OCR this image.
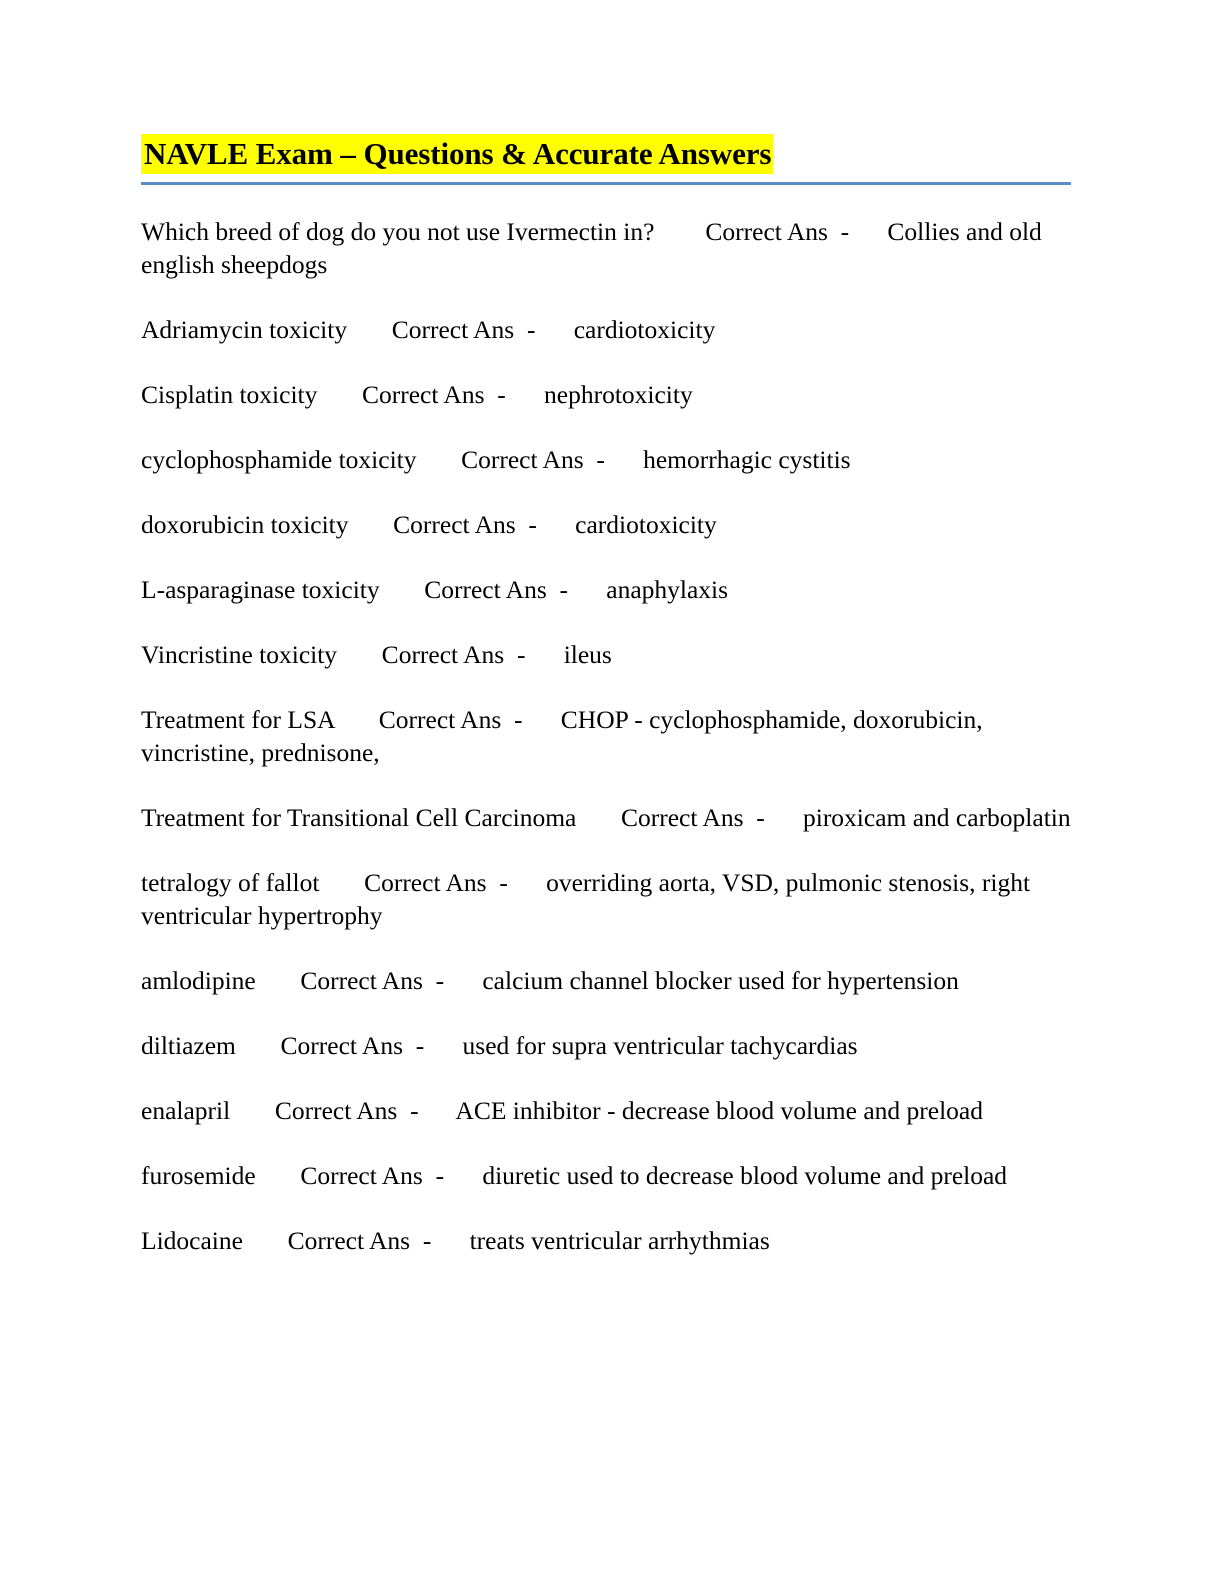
NAVLE Exam – Questions & Accurate Answers

Which breed of dog do you not use Ivermectin in?        Correct Ans  -      Collies and old english sheepdogs

Adriamycin toxicity       Correct Ans  -      cardiotoxicity

Cisplatin toxicity       Correct Ans  -      nephrotoxicity

cyclophosphamide toxicity       Correct Ans  -      hemorrhagic cystitis

doxorubicin toxicity       Correct Ans  -      cardiotoxicity

L-asparaginase toxicity       Correct Ans  -      anaphylaxis

Vincristine toxicity       Correct Ans  -      ileus

Treatment for LSA       Correct Ans  -      CHOP - cyclophosphamide, doxorubicin, vincristine, prednisone,

Treatment for Transitional Cell Carcinoma       Correct Ans  -      piroxicam and carboplatin

tetralogy of fallot       Correct Ans  -      overriding aorta, VSD, pulmonic stenosis, right ventricular hypertrophy

amlodipine       Correct Ans  -      calcium channel blocker used for hypertension

diltiazem       Correct Ans  -      used for supra ventricular tachycardias

enalapril       Correct Ans  -      ACE inhibitor - decrease blood volume and preload

furosemide       Correct Ans  -      diuretic used to decrease blood volume and preload

Lidocaine       Correct Ans  -      treats ventricular arrhythmias
